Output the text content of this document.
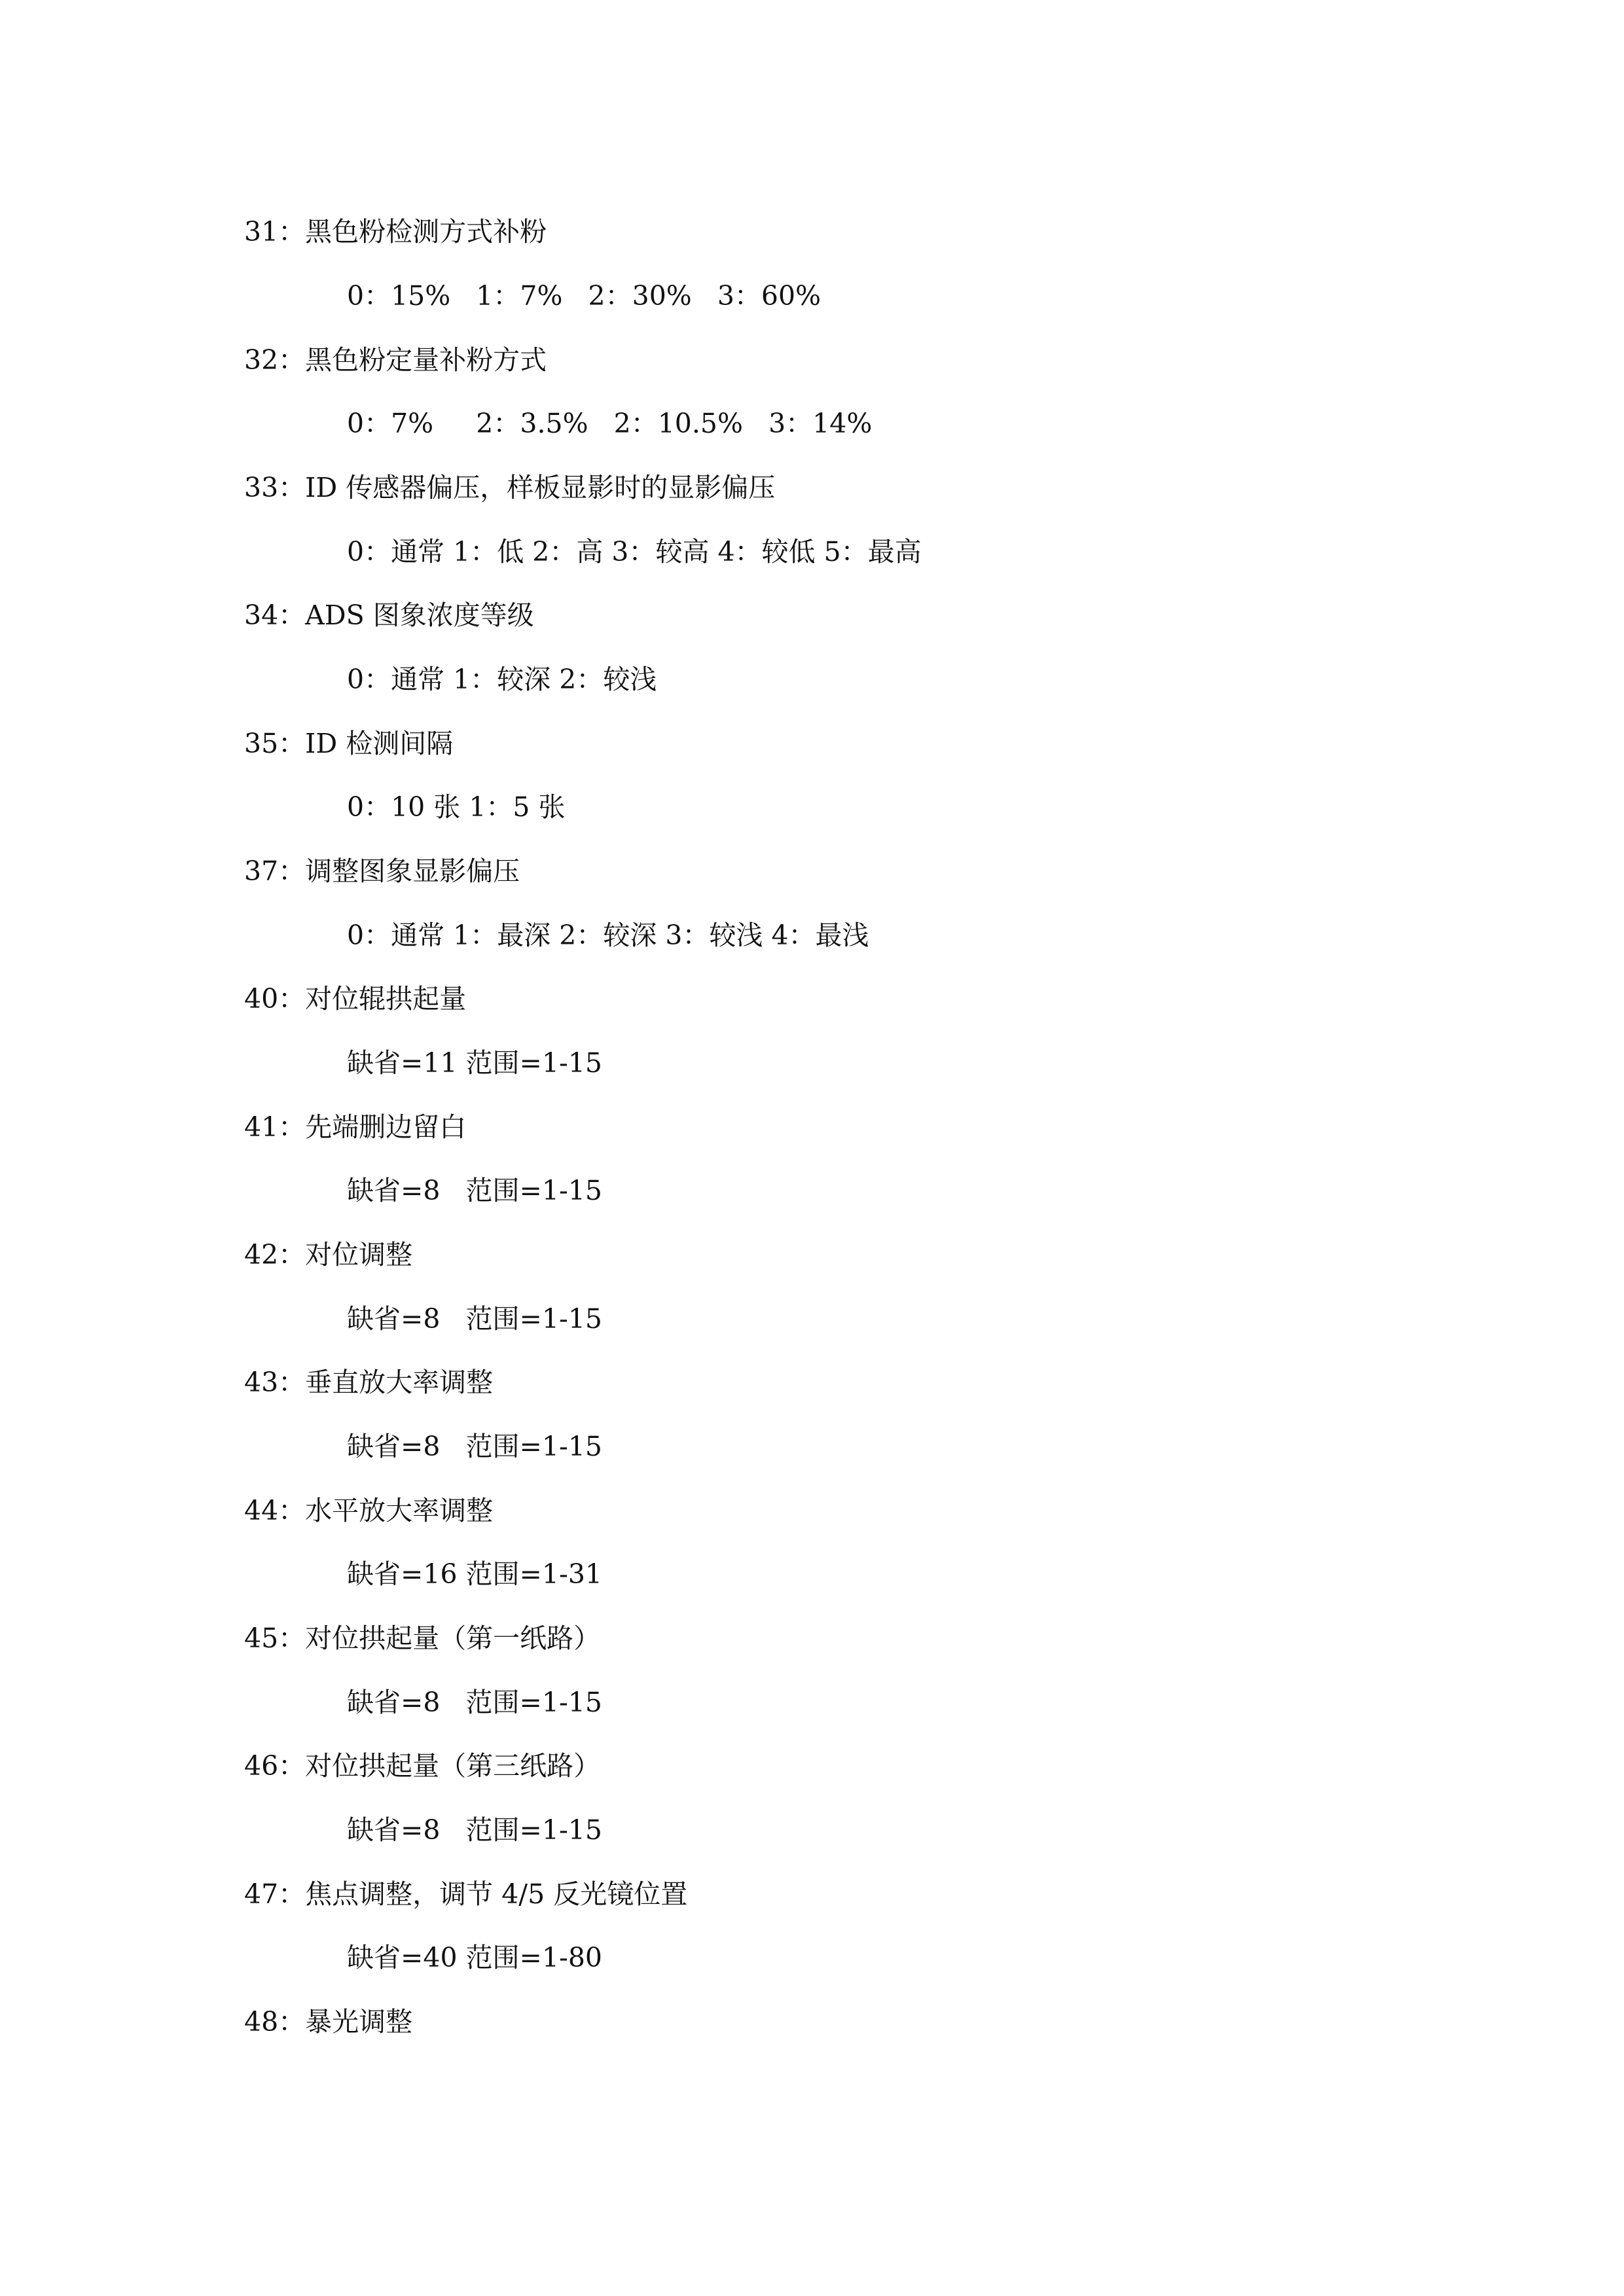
31：黑色粉检测方式补粉
0：15%   1：7%   2：30%   3：60%
32：黑色粉定量补粉方式
0：7%     2：3.5%   2：10.5%   3：14%
33：ID 传感器偏压，样板显影时的显影偏压
0：通常 1：低 2：高 3：较高 4：较低 5：最高
34：ADS 图象浓度等级
0：通常 1：较深 2：较浅
35：ID 检测间隔
0：10 张 1：5 张
37：调整图象显影偏压
0：通常 1：最深 2：较深 3：较浅 4：最浅
40：对位辊拱起量
缺省=11 范围=1-15
41：先端删边留白
缺省=8   范围=1-15
42：对位调整
缺省=8   范围=1-15
43：垂直放大率调整
缺省=8   范围=1-15
44：水平放大率调整
缺省=16 范围=1-31
45：对位拱起量（第一纸路）
缺省=8   范围=1-15
46：对位拱起量（第三纸路）
缺省=8   范围=1-15
47：焦点调整，调节 4/5 反光镜位置
缺省=40 范围=1-80
48：暴光调整
